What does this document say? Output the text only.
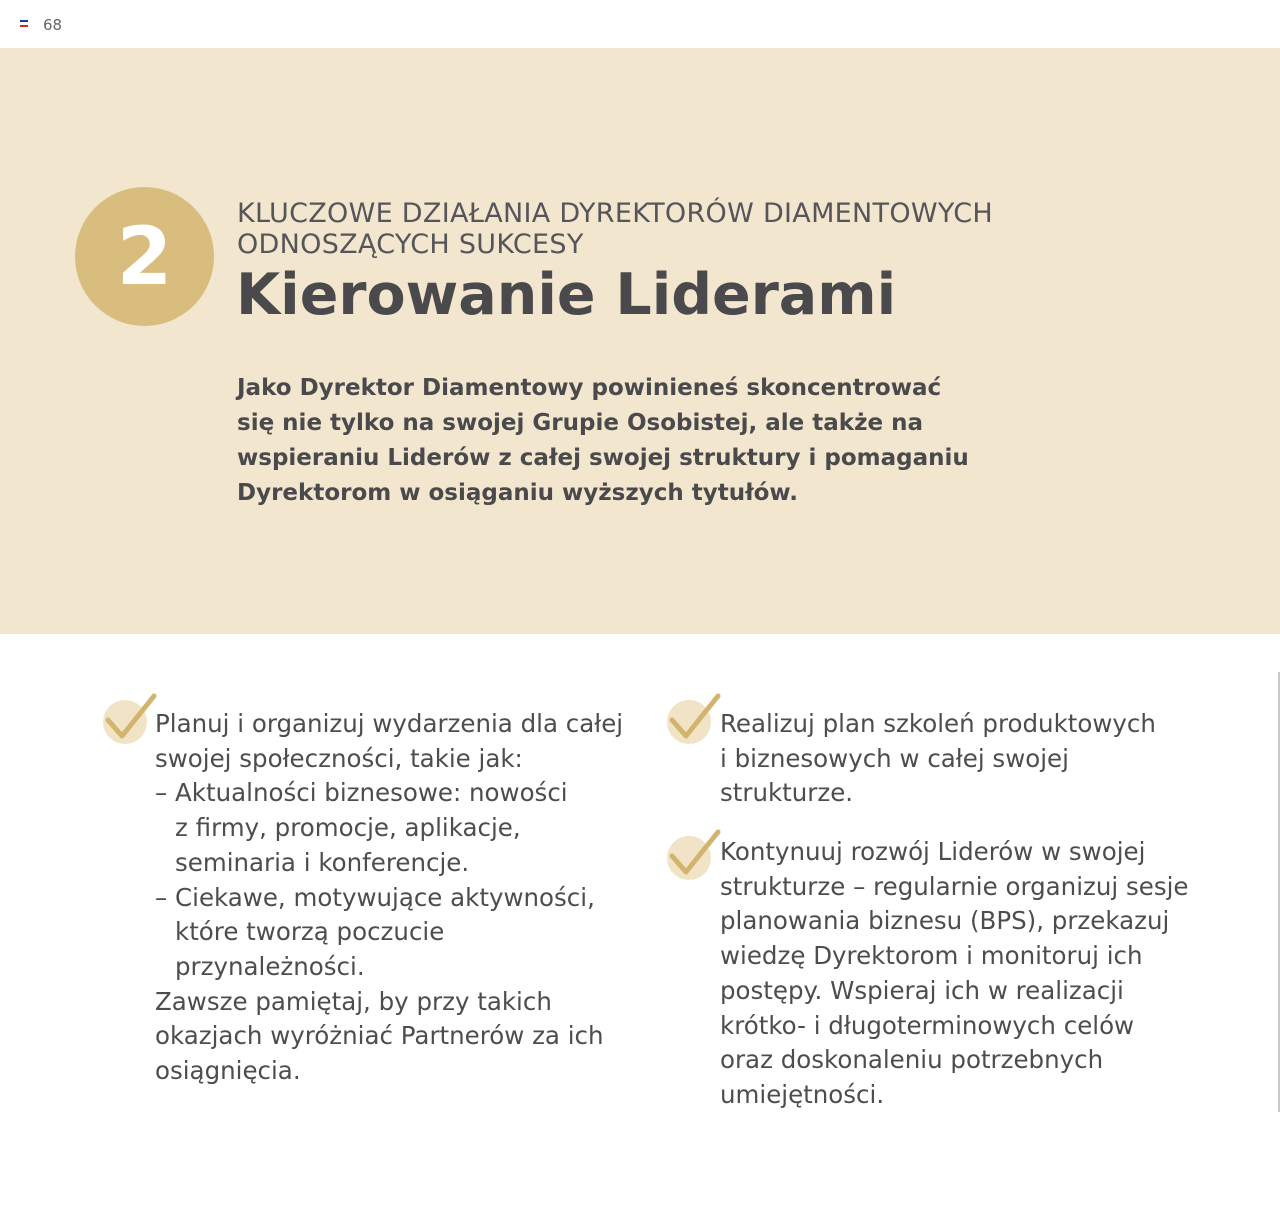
68
2	KLUCZOWE DZIAŁANIA DYREKTORÓW DIAMENTOWYCH
ODNOSZĄCYCH SUKCESY
Kierowanie Liderami
Jako Dyrektor Diamentowy powinieneś skoncentrować
się nie tylko na swojej Grupie Osobistej, ale także na
wspieraniu Liderów z całej swojej struktury i pomaganiu
Dyrektorom w osiąganiu wyższych tytułów.
Planuj i organizuj wydarzenia dla całej
swojej społeczności, takie jak:
– Aktualności biznesowe: nowości
z firmy, promocje, aplikacje,
seminaria i konferencje.
– Ciekawe, motywujące aktywności,
które tworzą poczucie
przynależności.
Zawsze pamiętaj, by przy takich
okazjach wyróżniać Partnerów za ich
osiągnięcia.
Realizuj plan szkoleń produktowych
i biznesowych w całej swojej
strukturze.
Kontynuuj rozwój Liderów w swojej
strukturze – regularnie organizuj sesje
planowania biznesu (BPS), przekazuj
wiedzę Dyrektorom i monitoruj ich
postępy. Wspieraj ich w realizacji
krótko- i długoterminowych celów
oraz doskonaleniu potrzebnych
umiejętności.
